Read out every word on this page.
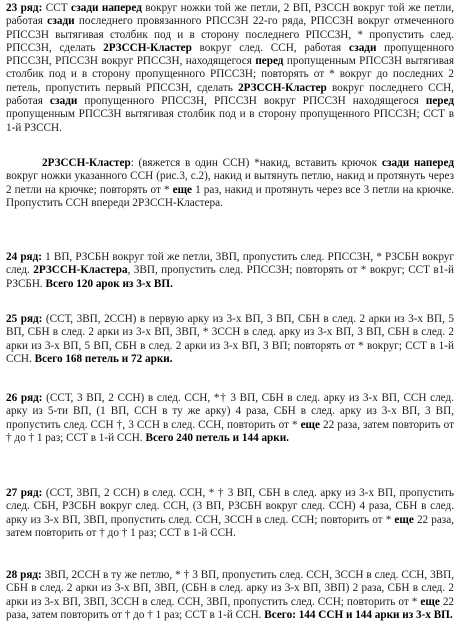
23 ряд: ССТ сзади наперед вокруг ножки той же петли, 2 ВП, РЗССН вокруг той же петли, работая сзади последнего провязанного РПСС3Н 22-го ряда, РПСС3Н вокруг отмеченного РПСС3Н вытягивая столбик под и в сторону последнего РПСС3Н, * пропустить след. РПСС3Н, сделать 2РЗССН-Кластер вокруг след. ССН, работая сзади пропущенного РПСС3Н, РПСС3Н вокруг РПСС3Н, находящегося перед пропущенным РПСС3Н вытягивая столбик под и в сторону пропущенного РПСС3Н; повторять от * вокруг до последних 2 петель, пропустить первый РПСС3Н, сделать 2РЗССН-Кластер вокруг последнего ССН, работая сзади пропущенного РПСС3Н, РПСС3Н вокруг РПСС3Н находящегося перед пропущенным РПСС3Н вытягивая столбик под и в сторону пропущенного РПСС3Н; ССТ в 1-й РЗССН.

2РЗССН-Кластер: (вяжется в один ССН) *накид, вставить крючок сзади наперед вокруг ножки указанного ССН (рис.3, с.2), накид и вытянуть петлю, накид и протянуть через 2 петли на крючке; повторять от * еще 1 раз, накид и протянуть через все 3 петли на крючке. Пропустить ССН впереди 2РЗССН-Кластера.

24 ряд: 1 ВП, РЗСБН вокруг той же петли, 3ВП, пропустить след. РПСС3Н, * РЗСБН вокруг след. 2РЗССН-Кластера, 3ВП, пропустить след. РПСС3Н; повторять от * вокруг; ССТ в1-й РЗСБН. Всего 120 арок из 3-х ВП.

25 ряд: (ССТ, 3ВП, 2ССН) в первую арку из 3-х ВП, 3 ВП, СБН в след. 2 арки из 3-х ВП, 5 ВП, СБН в след. 2 арки из 3-х ВП, 3ВП, * 3ССН в след. арку из 3-х ВП, 3 ВП, СБН в след. 2 арки из 3-х ВП, 5 ВП, СБН в след. 2 арки из 3-х ВП, 3 ВП; повторять от * вокруг; ССТ в 1-й ССН. Всего 168 петель и 72 арки.

26 ряд: (ССТ, 3 ВП, 2 ССН) в след. ССН, *† 3 ВП, СБН в след. арку из 3-х ВП, ССН след. арку из 5-ти ВП, (1 ВП, ССН в ту же арку) 4 раза, СБН в след. арку из 3-х ВП, 3 ВП, пропустить след. ССН †, 3 ССН в след. ССН, повторить от * еще 22 раза, затем повторить от † до † 1 раз; ССТ в 1-й ССН. Всего 240 петель и 144 арки.

27 ряд: (ССТ, 3ВП, 2 ССН) в след. ССН, * † 3 ВП, СБН в след. арку из 3-х ВП, пропустить след. СБН, РЗСБН вокруг след. ССН, (3 ВП, РЗСБН вокруг след. ССН) 4 раза, СБН в след. арку из 3-х ВП, 3ВП, пропустить след. ССН, 3ССН в след. ССН; повторить от * еще 22 раза, затем повторить от † до † 1 раз; ССТ в 1-й ССН.

28 ряд: 3ВП, 2ССН в ту же петлю, * † 3 ВП, пропустить след. ССН, 3ССН в след. ССН, 3ВП, СБН в след. 2 арки из 3-х ВП, 3ВП, (СБН в след. арку из 3-х ВП, 3ВП) 2 раза, СБН в след. 2 арки из 3-х ВП, 3ВП, 3ССН в след. ССН, 3ВП, пропустить след. ССН; повторить от * еще 22 раза, затем повторить от † до † 1 раз; ССТ в 1-й ССН. Всего: 144 ССН и 144 арки из 3-х ВП.
